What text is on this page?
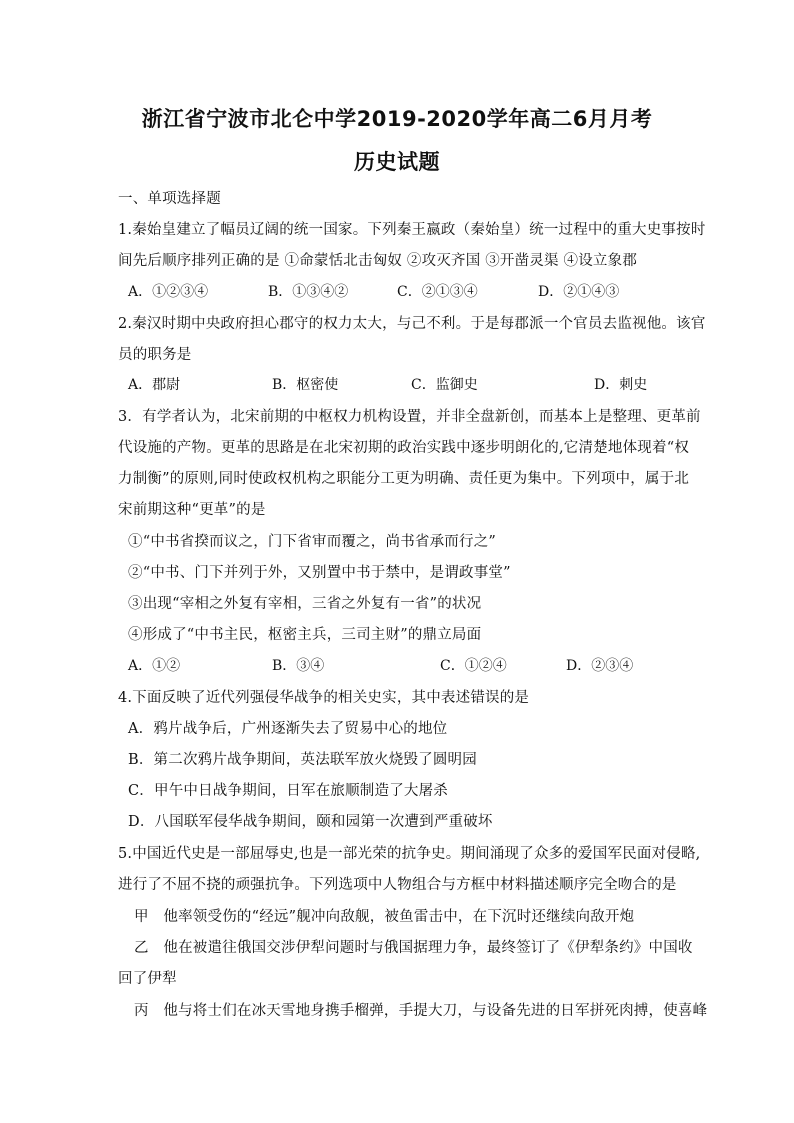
浙江省宁波市北仑中学2019-2020学年高二6月月考
历史试题
一、单项选择题
1.秦始皇建立了幅员辽阔的统一国家。下列秦王嬴政（秦始皇）统一过程中的重大史事按时
间先后顺序排列正确的是 ①命蒙恬北击匈奴 ②攻灭齐国 ③开凿灵渠 ④设立象郡
A．①②③④	B．①③④②	C．②①③④	D．②①④③
2.秦汉时期中央政府担心郡守的权力太大，与己不利。于是每郡派一个官员去监视他。该官
员的职务是
A．郡尉	B．枢密使	C．监御史	D．刺史
3．有学者认为，北宋前期的中枢权力机构设置，并非全盘新创，而基本上是整理、更革前
代设施的产物。更革的思路是在北宋初期的政治实践中逐步明朗化的,它清楚地体现着“权
力制衡”的原则,同时使政权机构之职能分工更为明确、责任更为集中。下列项中，属于北
宋前期这种“更革”的是
①“中书省揆而议之，门下省审而覆之，尚书省承而行之”
②“中书、门下并列于外，又别置中书于禁中，是谓政事堂”
③出现“宰相之外复有宰相，三省之外复有一省”的状况
④形成了“中书主民，枢密主兵，三司主财”的鼎立局面
A．①②	B．③④	C．①②④	D．②③④
4.下面反映了近代列强侵华战争的相关史实，其中表述错误的是
A．鸦片战争后，广州逐渐失去了贸易中心的地位
B．第二次鸦片战争期间，英法联军放火烧毁了圆明园
C．甲午中日战争期间，日军在旅顺制造了大屠杀
D．八国联军侵华战争期间，颐和园第一次遭到严重破坏
5.中国近代史是一部屈辱史,也是一部光荣的抗争史。期间涌现了众多的爱国军民面对侵略,
进行了不屈不挠的顽强抗争。下列选项中人物组合与方框中材料描述顺序完全吻合的是
甲　他率领受伤的“经远”舰冲向敌舰，被鱼雷击中，在下沉时还继续向敌开炮
乙　他在被遣往俄国交涉伊犁问题时与俄国据理力争，最终签订了《伊犁条约》中国收
回了伊犁
丙　他与将士们在冰天雪地身携手榴弹，手提大刀，与设备先进的日军拼死肉搏，使喜峰
